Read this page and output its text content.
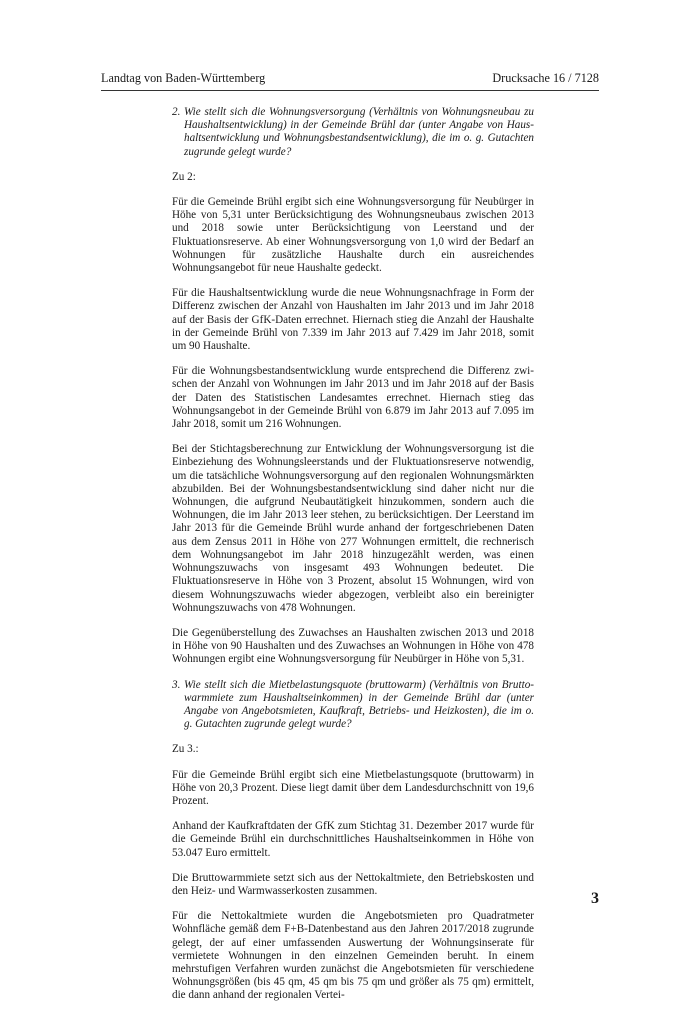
Landtag von Baden-Württemberg	Drucksache 16 / 7128

2. Wie stellt sich die Wohnungsversorgung (Verhältnis von Wohnungsneubau zu Haushaltsentwicklung) in der Gemeinde Brühl dar (unter Angabe von Haushaltsentwicklung und Wohnungsbestandsentwicklung), die im o. g. Gutachten zugrunde gelegt wurde?

Zu 2:

Für die Gemeinde Brühl ergibt sich eine Wohnungsversorgung für Neubürger in Höhe von 5,31 unter Berücksichtigung des Wohnungsneubaus zwischen 2013 und 2018 sowie unter Berücksichtigung von Leerstand und der Fluktuationsreserve. Ab einer Wohnungsversorgung von 1,0 wird der Bedarf an Wohnungen für zusätzliche Haushalte durch ein ausreichendes Wohnungsangebot für neue Haushalte gedeckt.

Für die Haushaltsentwicklung wurde die neue Wohnungsnachfrage in Form der Differenz zwischen der Anzahl von Haushalten im Jahr 2013 und im Jahr 2018 auf der Basis der GfK-Daten errechnet. Hiernach stieg die Anzahl der Haushalte in der Gemeinde Brühl von 7.339 im Jahr 2013 auf 7.429 im Jahr 2018, somit um 90 Haushalte.

Für die Wohnungsbestandsentwicklung wurde entsprechend die Differenz zwischen der Anzahl von Wohnungen im Jahr 2013 und im Jahr 2018 auf der Basis der Daten des Statistischen Landesamtes errechnet. Hiernach stieg das Wohnungsangebot in der Gemeinde Brühl von 6.879 im Jahr 2013 auf 7.095 im Jahr 2018, somit um 216 Wohnungen.

Bei der Stichtagsberechnung zur Entwicklung der Wohnungsversorgung ist die Einbeziehung des Wohnungsleerstands und der Fluktuationsreserve notwendig, um die tatsächliche Wohnungsversorgung auf den regionalen Wohnungsmärkten abzubilden. Bei der Wohnungsbestandsentwicklung sind daher nicht nur die Wohnungen, die aufgrund Neubautätigkeit hinzukommen, sondern auch die Wohnungen, die im Jahr 2013 leer stehen, zu berücksichtigen. Der Leerstand im Jahr 2013 für die Gemeinde Brühl wurde anhand der fortgeschriebenen Daten aus dem Zensus 2011 in Höhe von 277 Wohnungen ermittelt, die rechnerisch dem Wohnungsangebot im Jahr 2018 hinzugezählt werden, was einen Wohnungszuwachs von insgesamt 493 Wohnungen bedeutet. Die Fluktuationsreserve in Höhe von 3 Prozent, absolut 15 Wohnungen, wird von diesem Wohnungszuwachs wieder abgezogen, verbleibt also ein bereinigter Wohnungszuwachs von 478 Wohnungen.

Die Gegenüberstellung des Zuwachses an Haushalten zwischen 2013 und 2018 in Höhe von 90 Haushalten und des Zuwachses an Wohnungen in Höhe von 478 Wohnungen ergibt eine Wohnungsversorgung für Neubürger in Höhe von 5,31.

3. Wie stellt sich die Mietbelastungsquote (bruttowarm) (Verhältnis von Bruttowarmmiete zum Haushaltseinkommen) in der Gemeinde Brühl dar (unter Angabe von Angebotsmieten, Kaufkraft, Betriebs- und Heizkosten), die im o. g. Gutachten zugrunde gelegt wurde?

Zu 3.:

Für die Gemeinde Brühl ergibt sich eine Mietbelastungsquote (bruttowarm) in Höhe von 20,3 Prozent. Diese liegt damit über dem Landesdurchschnitt von 19,6 Prozent.

Anhand der Kaufkraftdaten der GfK zum Stichtag 31. Dezember 2017 wurde für die Gemeinde Brühl ein durchschnittliches Haushaltseinkommen in Höhe von 53.047 Euro ermittelt.

Die Bruttowarmmiete setzt sich aus der Nettokaltmiete, den Betriebskosten und den Heiz- und Warmwasserkosten zusammen.

Für die Nettokaltmiete wurden die Angebotsmieten pro Quadratmeter Wohnfläche gemäß dem F+B-Datenbestand aus den Jahren 2017/2018 zugrunde gelegt, der auf einer umfassenden Auswertung der Wohnungsinserate für vermietete Wohnungen in den einzelnen Gemeinden beruht. In einem mehrstufigen Verfahren wurden zunächst die Angebotsmieten für verschiedene Wohnungsgrößen (bis 45 qm, 45 qm bis 75 qm und größer als 75 qm) ermittelt, die dann anhand der regionalen Vertei-

3
